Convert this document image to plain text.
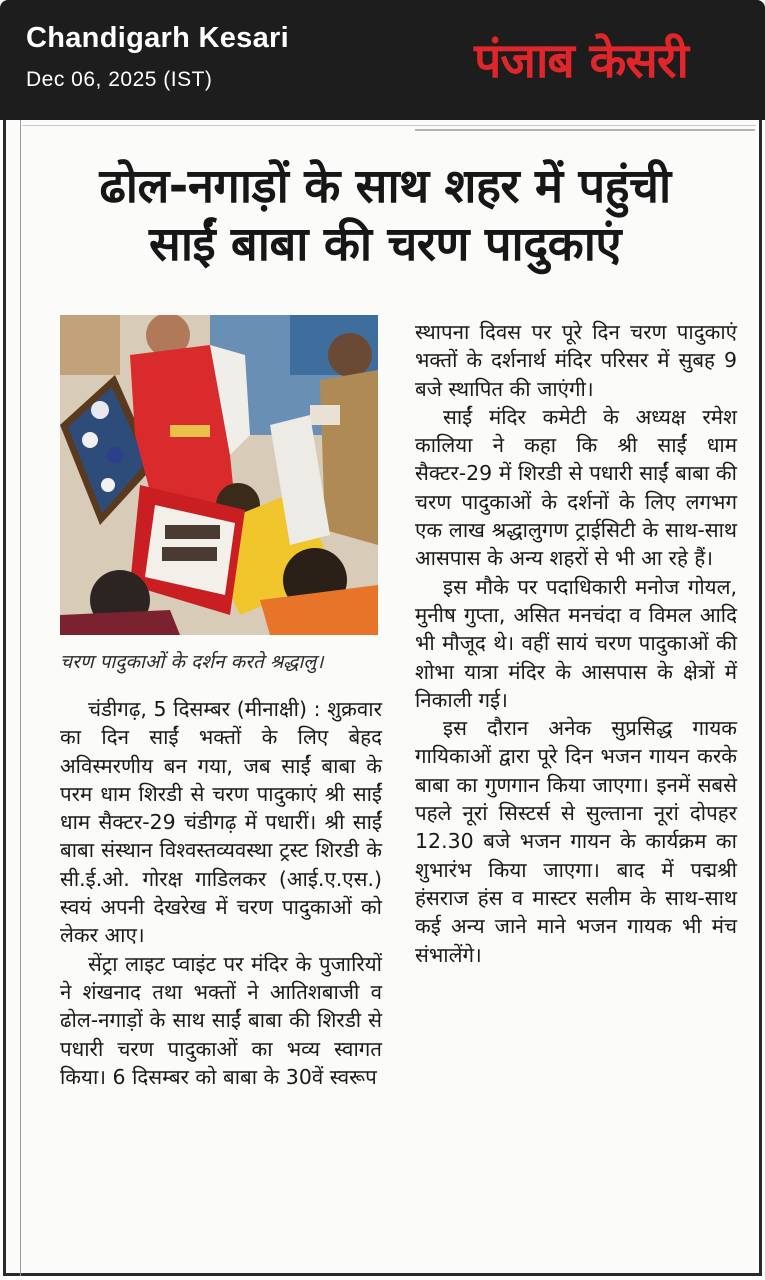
Chandigarh Kesari
Dec 06, 2025 (IST)	पंजाब केसरी
ढोल-नगाड़ों के साथ शहर में पहुंची
साईं बाबा की चरण पादुकाएं
चरण पादुकाओं के दर्शन करते श्रद्धालु।

चंडीगढ़, 5 दिसम्बर (मीनाक्षी) : शुक्रवार का दिन साईं भक्तों के लिए बेहद अविस्मरणीय बन गया, जब साईं बाबा के परम धाम शिरडी से चरण पादुकाएं श्री साईं धाम सैक्टर-29 चंडीगढ़ में पधारीं। श्री साईं बाबा संस्थान विश्वस्तव्यवस्था ट्रस्ट शिरडी के सी.ई.ओ. गोरक्ष गाडिलकर (आई.ए.एस.) स्वयं अपनी देखरेख में चरण पादुकाओं को लेकर आए।

सेंट्रा लाइट प्वाइंट पर मंदिर के पुजारियों ने शंखनाद तथा भक्तों ने आतिशबाजी व ढोल-नगाड़ों के साथ साईं बाबा की शिरडी से पधारी चरण पादुकाओं का भव्य स्वागत किया। 6 दिसम्बर को बाबा के 30वें स्वरूप

स्थापना दिवस पर पूरे दिन चरण पादुकाएं भक्तों के दर्शनार्थ मंदिर परिसर में सुबह 9 बजे स्थापित की जाएंगी।

साईं मंदिर कमेटी के अध्यक्ष रमेश कालिया ने कहा कि श्री साईं धाम सैक्टर-29 में शिरडी से पधारी साईं बाबा की चरण पादुकाओं के दर्शनों के लिए लगभग एक लाख श्रद्धालुगण ट्राईसिटी के साथ-साथ आसपास के अन्य शहरों से भी आ रहे हैं।

इस मौके पर पदाधिकारी मनोज गोयल, मुनीष गुप्ता, असित मनचंदा व विमल आदि भी मौजूद थे। वहीं सायं चरण पादुकाओं की शोभा यात्रा मंदिर के आसपास के क्षेत्रों में निकाली गई।

इस दौरान अनेक सुप्रसिद्ध गायक गायिकाओं द्वारा पूरे दिन भजन गायन करके बाबा का गुणगान किया जाएगा। इनमें सबसे पहले नूरां सिस्टर्स से सुल्ताना नूरां दोपहर 12.30 बजे भजन गायन के कार्यक्रम का शुभारंभ किया जाएगा। बाद में पद्मश्री हंसराज हंस व मास्टर सलीम के साथ-साथ कई अन्य जाने माने भजन गायक भी मंच संभालेंगे।
